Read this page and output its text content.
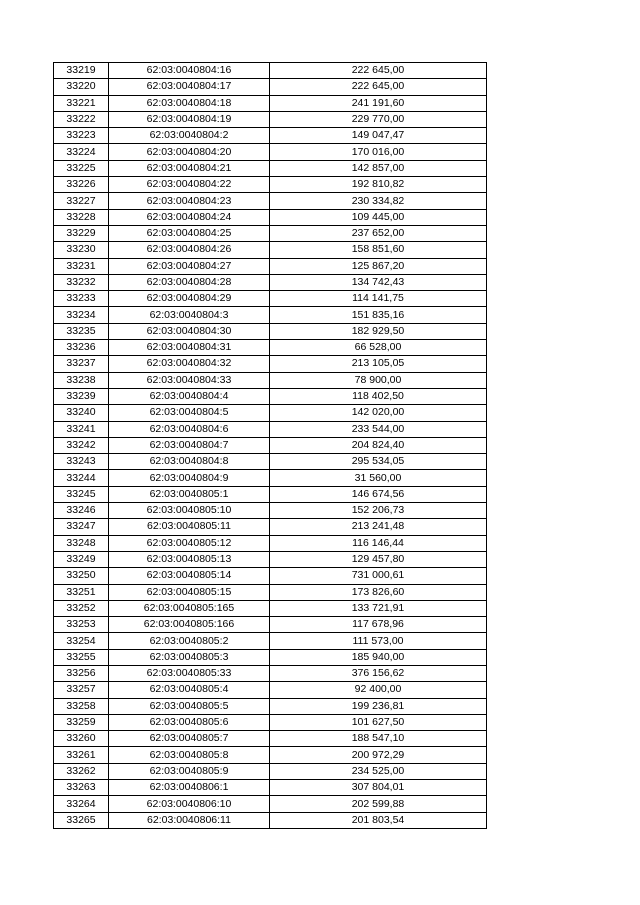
33219	62:03:0040804:16	222 645,00
33220	62:03:0040804:17	222 645,00
33221	62:03:0040804:18	241 191,60
33222	62:03:0040804:19	229 770,00
33223	62:03:0040804:2	149 047,47
33224	62:03:0040804:20	170 016,00
33225	62:03:0040804:21	142 857,00
33226	62:03:0040804:22	192 810,82
33227	62:03:0040804:23	230 334,82
33228	62:03:0040804:24	109 445,00
33229	62:03:0040804:25	237 652,00
33230	62:03:0040804:26	158 851,60
33231	62:03:0040804:27	125 867,20
33232	62:03:0040804:28	134 742,43
33233	62:03:0040804:29	114 141,75
33234	62:03:0040804:3	151 835,16
33235	62:03:0040804:30	182 929,50
33236	62:03:0040804:31	66 528,00
33237	62:03:0040804:32	213 105,05
33238	62:03:0040804:33	78 900,00
33239	62:03:0040804:4	118 402,50
33240	62:03:0040804:5	142 020,00
33241	62:03:0040804:6	233 544,00
33242	62:03:0040804:7	204 824,40
33243	62:03:0040804:8	295 534,05
33244	62:03:0040804:9	31 560,00
33245	62:03:0040805:1	146 674,56
33246	62:03:0040805:10	152 206,73
33247	62:03:0040805:11	213 241,48
33248	62:03:0040805:12	116 146,44
33249	62:03:0040805:13	129 457,80
33250	62:03:0040805:14	731 000,61
33251	62:03:0040805:15	173 826,60
33252	62:03:0040805:165	133 721,91
33253	62:03:0040805:166	117 678,96
33254	62:03:0040805:2	111 573,00
33255	62:03:0040805:3	185 940,00
33256	62:03:0040805:33	376 156,62
33257	62:03:0040805:4	92 400,00
33258	62:03:0040805:5	199 236,81
33259	62:03:0040805:6	101 627,50
33260	62:03:0040805:7	188 547,10
33261	62:03:0040805:8	200 972,29
33262	62:03:0040805:9	234 525,00
33263	62:03:0040806:1	307 804,01
33264	62:03:0040806:10	202 599,88
33265	62:03:0040806:11	201 803,54
